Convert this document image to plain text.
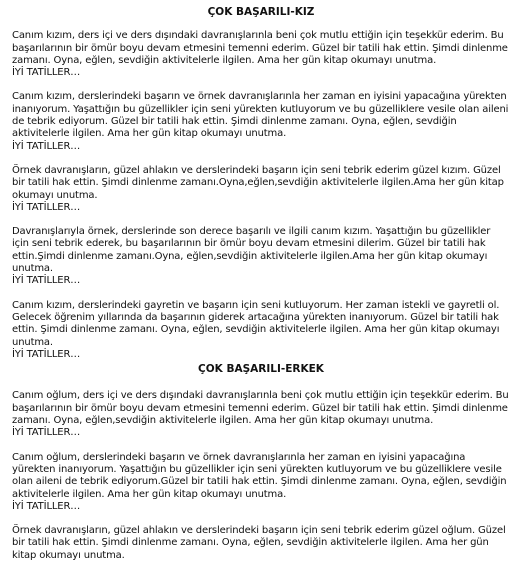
ÇOK BAŞARILI-KIZ
Canım kızım, ders içi ve ders dışındaki davranışlarınla beni çok mutlu ettiğin için teşekkür ederim. Bu başarılarının bir ömür boyu devam etmesini temenni ederim. Güzel bir tatili hak ettin. Şimdi dinlenme zamanı. Oyna, eğlen, sevdiğin aktivitelerle ilgilen. Ama her gün kitap okumayı unutma.
İYİ TATİLLER…
Canım kızım, derslerindeki başarın ve örnek davranışlarınla her zaman en iyisini yapacağına yürekten inanıyorum. Yaşattığın bu güzellikler için seni yürekten kutluyorum ve bu güzelliklere vesile olan aileni de tebrik ediyorum. Güzel bir tatili hak ettin. Şimdi dinlenme zamanı. Oyna, eğlen, sevdiğin aktivitelerle ilgilen. Ama her gün kitap okumayı unutma.
İYİ TATİLLER…
Örnek davranışların, güzel ahlakın ve derslerindeki başarın için seni tebrik ederim güzel kızım. Güzel bir tatili hak ettin. Şimdi dinlenme zamanı.Oyna,eğlen,sevdiğin aktivitelerle ilgilen.Ama her gün kitap okumayı unutma.
İYİ TATİLLER…
Davranışlarıyla örnek, derslerinde son derece başarılı ve ilgili canım kızım. Yaşattığın bu güzellikler için seni tebrik ederek, bu başarılarının bir ömür boyu devam etmesini dilerim. Güzel bir tatili hak ettin.Şimdi dinlenme zamanı.Oyna, eğlen,sevdiğin aktivitelerle ilgilen.Ama her gün kitap okumayı unutma.
İYİ TATİLLER…
Canım kızım, derslerindeki gayretin ve başarın için seni kutluyorum. Her zaman istekli ve gayretli ol. Gelecek öğrenim yıllarında da başarının giderek artacağına yürekten inanıyorum. Güzel bir tatili hak ettin. Şimdi dinlenme zamanı. Oyna, eğlen, sevdiğin aktivitelerle ilgilen. Ama her gün kitap okumayı unutma.
İYİ TATİLLER…
ÇOK BAŞARILI-ERKEK
Canım oğlum, ders içi ve ders dışındaki davranışlarınla beni çok mutlu ettiğin için teşekkür ederim. Bu başarılarının bir ömür boyu devam etmesini temenni ederim. Güzel bir tatili hak ettin. Şimdi dinlenme zamanı. Oyna, eğlen,sevdiğin aktivitelerle ilgilen. Ama her gün kitap okumayı unutma.
İYİ TATİLLER…
Canım oğlum, derslerindeki başarın ve örnek davranışlarınla her zaman en iyisini yapacağına yürekten inanıyorum. Yaşattığın bu güzellikler için seni yürekten kutluyorum ve bu güzelliklere vesile olan aileni de tebrik ediyorum.Güzel bir tatili hak ettin. Şimdi dinlenme zamanı. Oyna, eğlen, sevdiğin aktivitelerle ilgilen. Ama her gün kitap okumayı unutma.
İYİ TATİLLER…
Örnek davranışların, güzel ahlakın ve derslerindeki başarın için seni tebrik ederim güzel oğlum. Güzel bir tatili hak ettin. Şimdi dinlenme zamanı. Oyna, eğlen, sevdiğin aktivitelerle ilgilen. Ama her gün kitap okumayı unutma.
